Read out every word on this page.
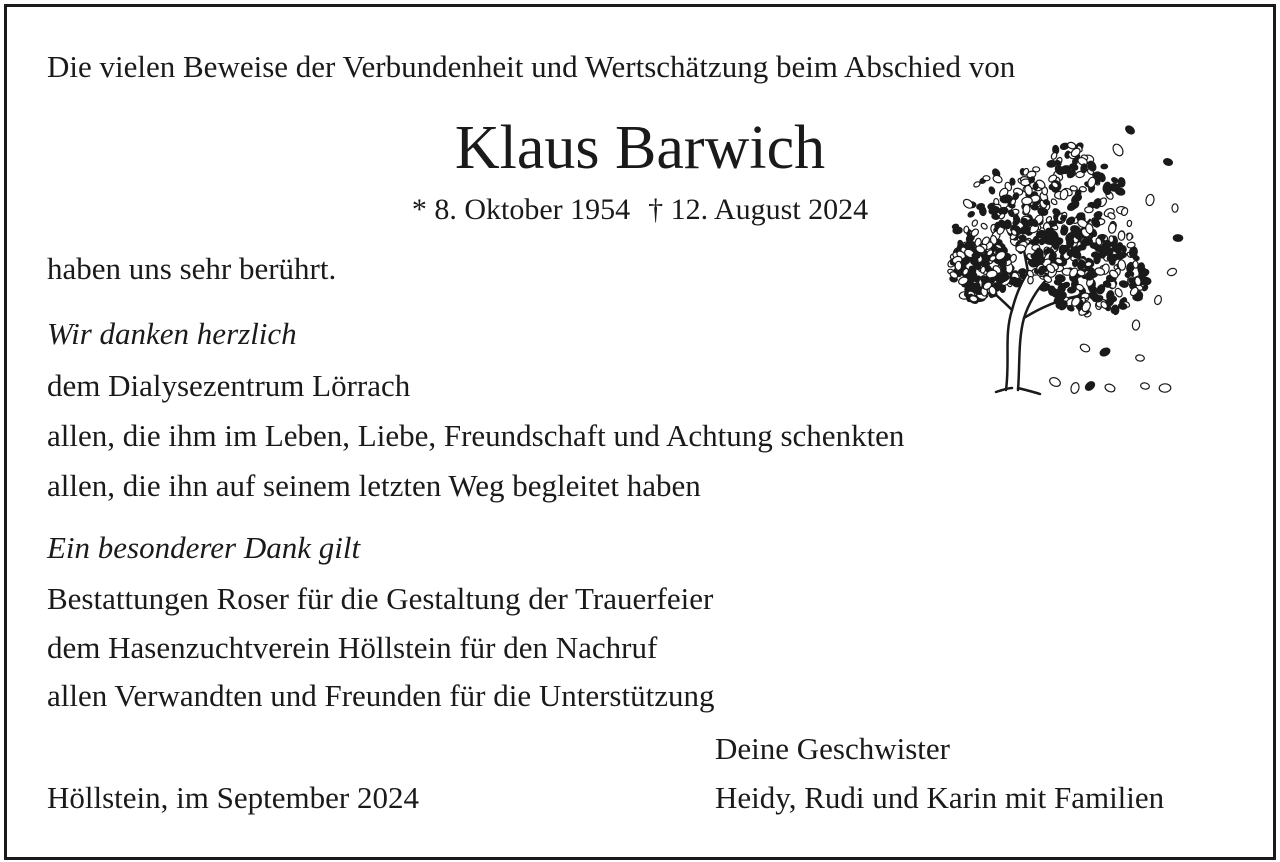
Die vielen Beweise der Verbundenheit und Wertschätzung beim Abschied von
Klaus Barwich
* 8. Oktober 1954 † 12. August 2024
haben uns sehr berührt.
Wir danken herzlich
dem Dialysezentrum Lörrach
allen, die ihm im Leben, Liebe, Freundschaft und Achtung schenkten
allen, die ihn auf seinem letzten Weg begleitet haben
Ein besonderer Dank gilt
Bestattungen Roser für die Gestaltung der Trauerfeier
dem Hasenzuchtverein Höllstein für den Nachruf
allen Verwandten und Freunden für die Unterstützung
Deine Geschwister
Höllstein, im September 2024	Heidy, Rudi und Karin mit Familien
